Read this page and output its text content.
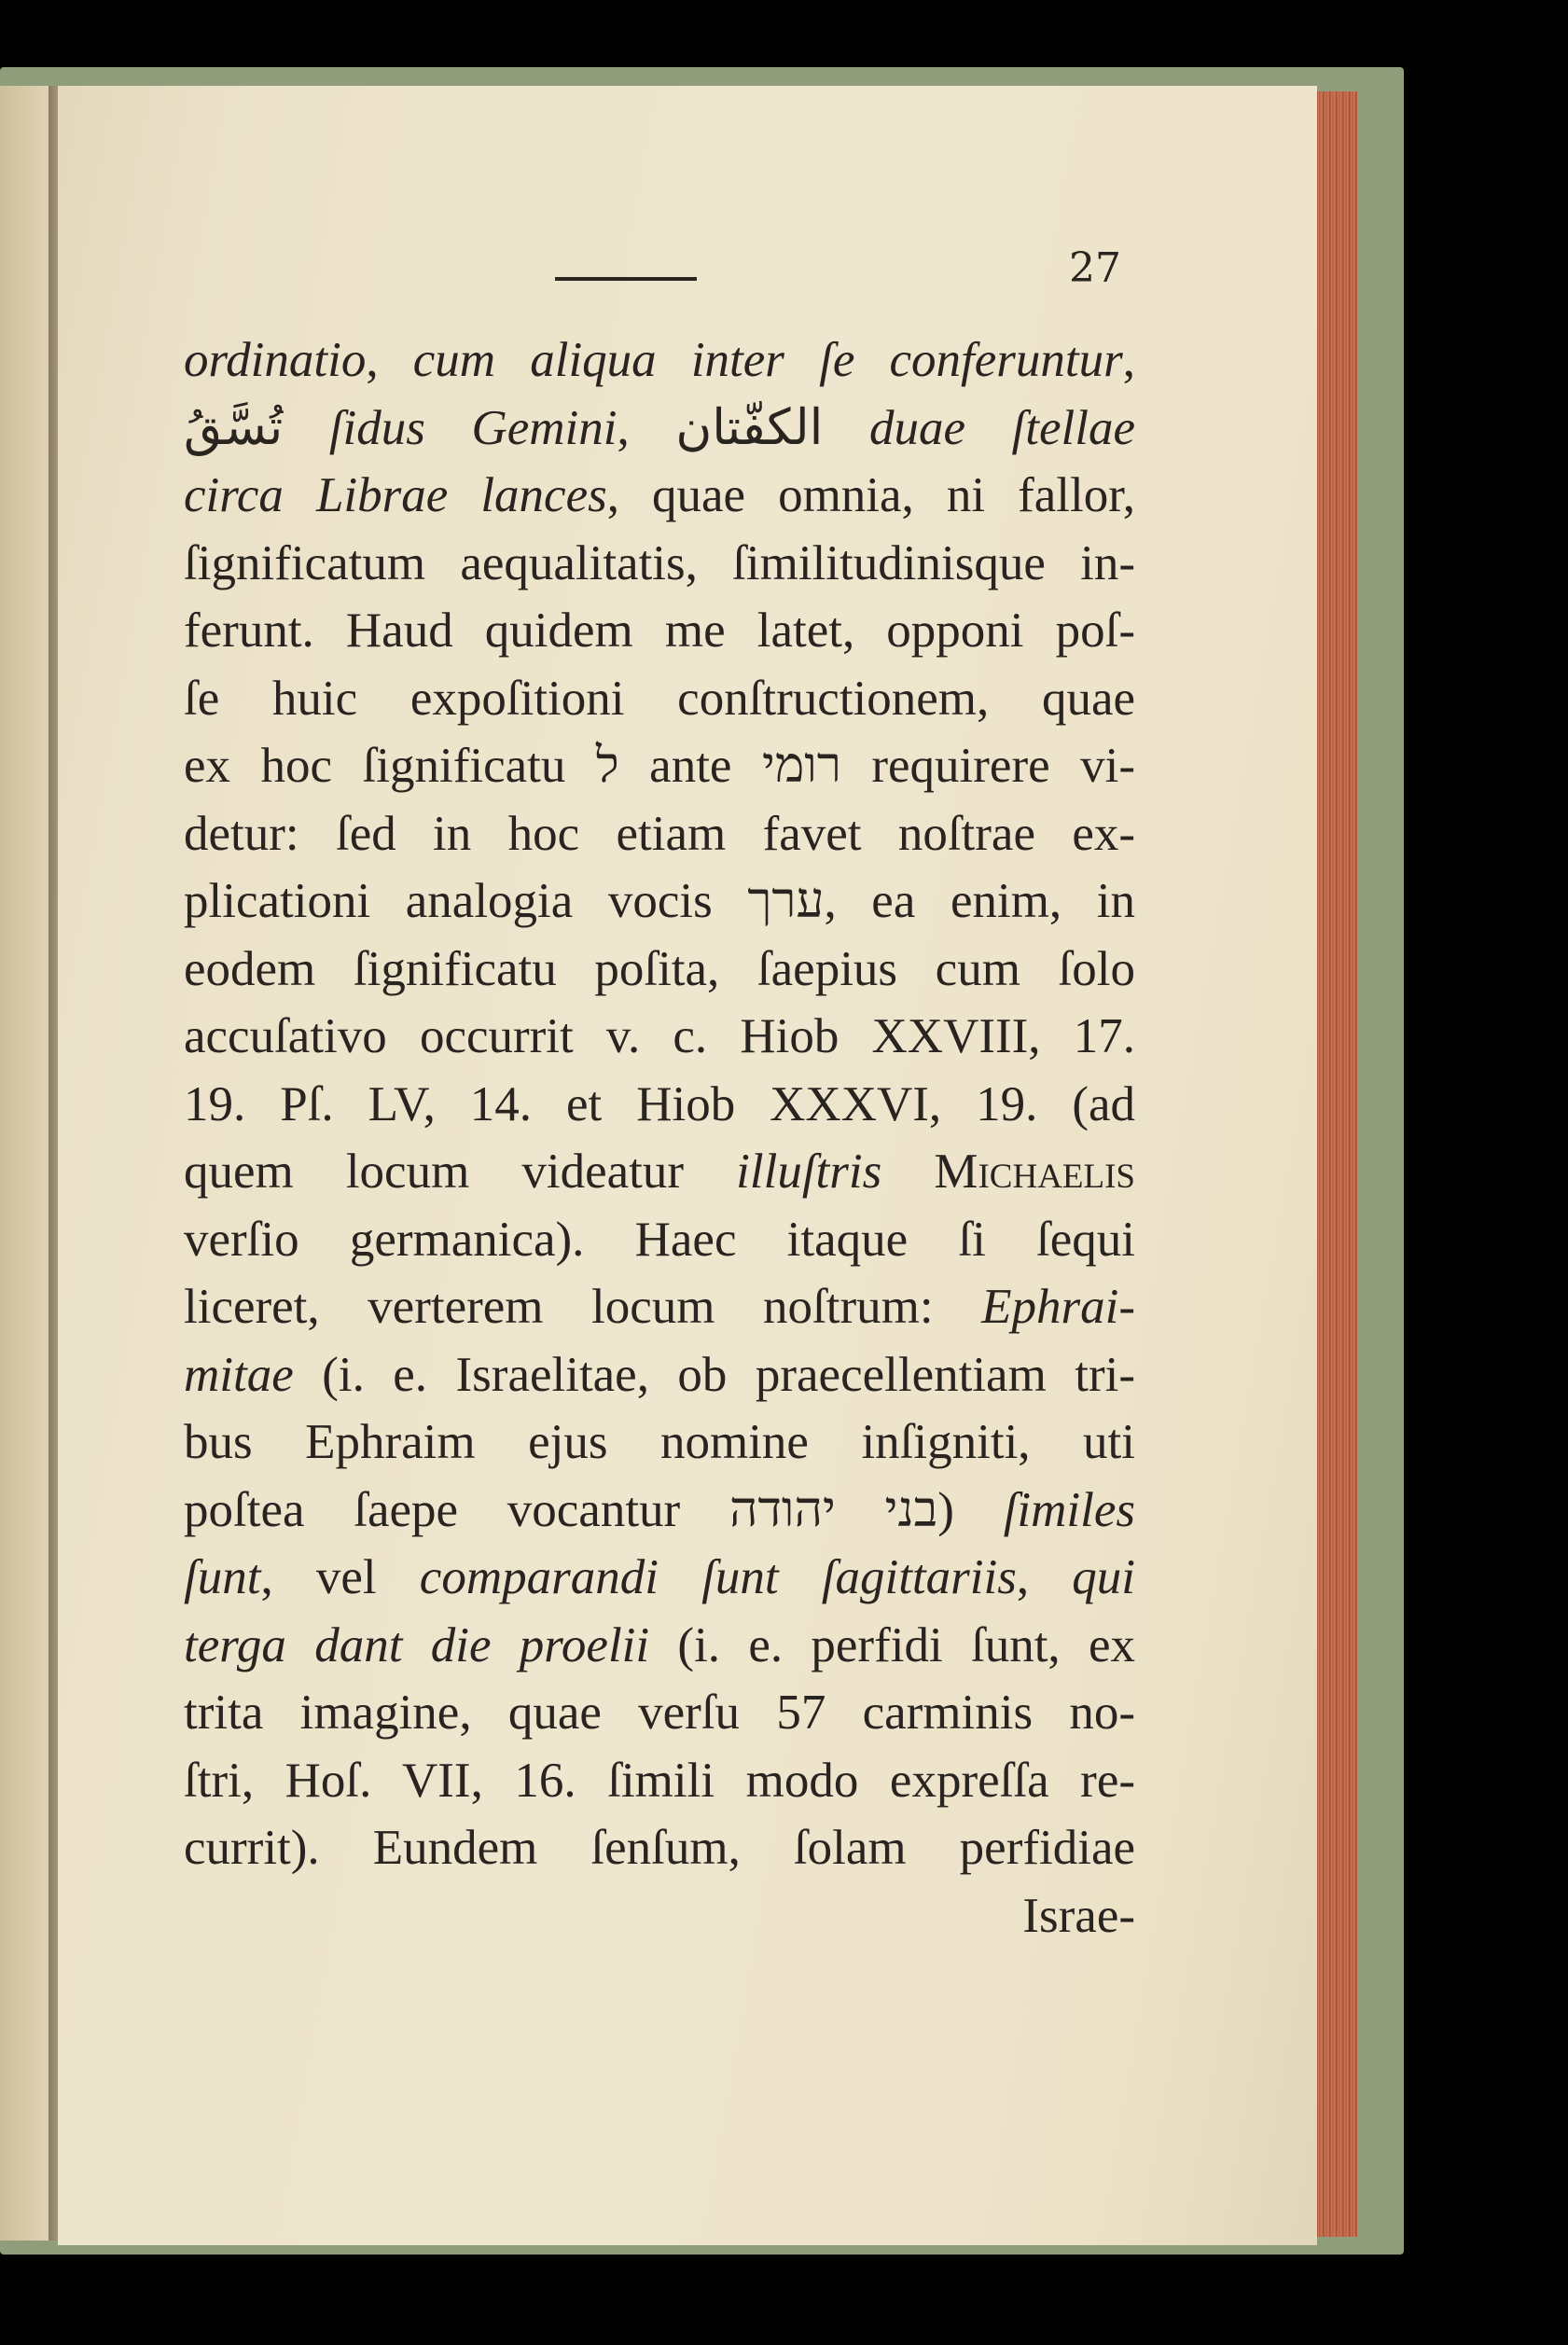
27
ordinatio, cum aliqua inter ſe conferuntur,
تُسَّقُ ſidus Gemini, الكفّتان duae ſtellae
circa Librae lances, quae omnia, ni fallor,
ſignificatum aequalitatis, ſimilitudinisque in-
ferunt. Haud quidem me latet, opponi poſ-
ſe huic expoſitioni conſtructionem, quae
ex hoc ſignificatu ל ante רומי requirere vi-
detur: ſed in hoc etiam favet noſtrae ex-
plicationi analogia vocis ערך, ea enim, in
eodem ſignificatu poſita, ſaepius cum ſolo
accuſativo occurrit v. c. Hiob XXVIII, 17.
19. Pſ. LV, 14. et Hiob XXXVI, 19. (ad
quem locum videatur illuſtris Michaelis
verſio germanica). Haec itaque ſi ſequi
liceret, verterem locum noſtrum: Ephrai-
mitae (i. e. Israelitae, ob praecellentiam tri-
bus Ephraim ejus nomine inſigniti, uti
poſtea ſaepe vocantur בני יהודה) ſimiles
ſunt, vel comparandi ſunt ſagittariis, qui
terga dant die proelii (i. e. perfidi ſunt, ex
trita imagine, quae verſu 57 carminis no-
ſtri, Hoſ. VII, 16. ſimili modo expreſſa re-
currit). Eundem ſenſum, ſolam perfidiae
Israe-
